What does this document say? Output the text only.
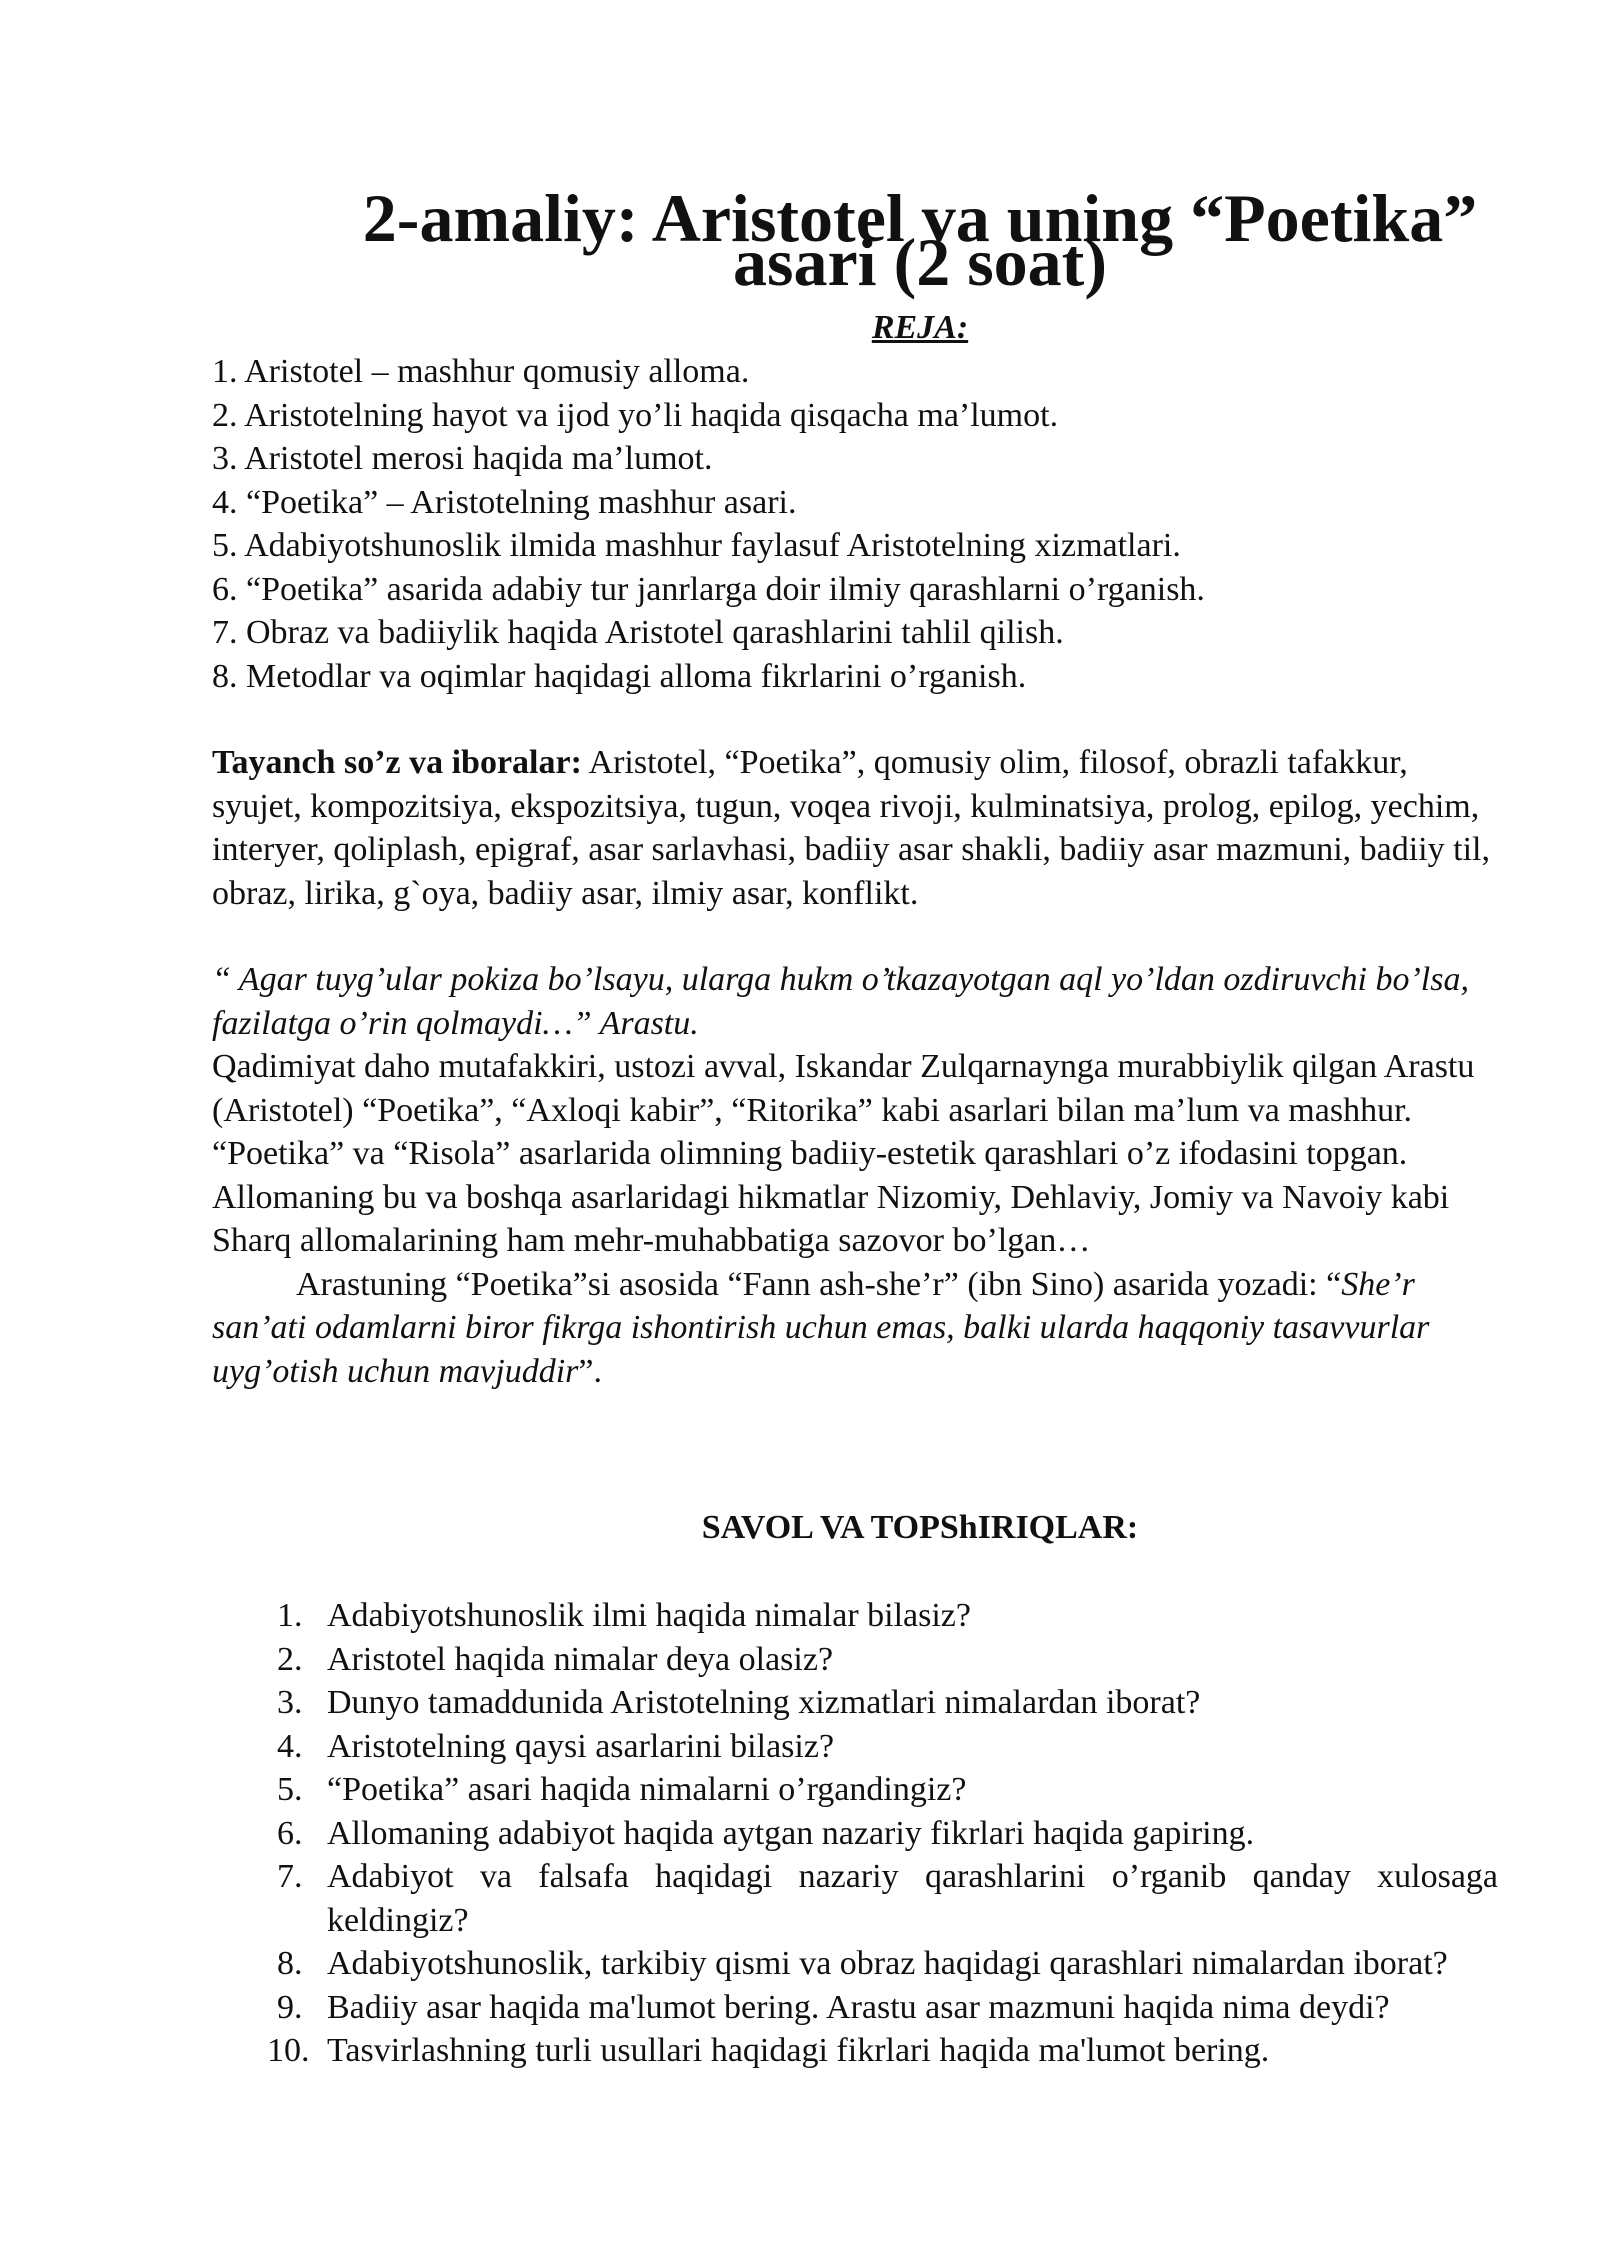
2-amaliy: Aristotel va uning “Poetika” asari (2 soat)
REJA:
1. Aristotel – mashhur qomusiy alloma.
2. Aristotelning hayot va ijod yo’li haqida qisqacha ma’lumot.
3. Aristotel merosi haqida ma’lumot.
4. “Poetika” – Aristotelning mashhur asari.
5. Adabiyotshunoslik ilmida mashhur faylasuf Aristotelning xizmatlari.
6. “Poetika” asarida adabiy tur janrlarga doir ilmiy qarashlarni o’rganish.
7. Obraz va badiiylik haqida Aristotel qarashlarini tahlil qilish.
8. Metodlar va oqimlar haqidagi alloma fikrlarini o’rganish.

Tayanch so’z va iboralar: Aristotel, “Poetika”, qomusiy olim, filosof, obrazli tafakkur, syujet, kompozitsiya, ekspozitsiya, tugun, voqea rivoji, kulminatsiya, prolog, epilog, yechim, interyer, qoliplash, epigraf, asar sarlavhasi, badiiy asar shakli, badiiy asar mazmuni, badiiy til, obraz, lirika, g`oya, badiiy asar, ilmiy asar, konflikt.

“ Agar tuyg’ular pokiza bo’lsayu, ularga hukm o’tkazayotgan aql yo’ldan ozdiruvchi bo’lsa, fazilatga o’rin qolmaydi…” Arastu.

Qadimiyat daho mutafakkiri, ustozi avval, Iskandar Zulqarnaynga murabbiylik qilgan Arastu (Aristotel) “Poetika”, “Axloqi kabir”, “Ritorika” kabi asarlari bilan ma’lum va mashhur. “Poetika” va “Risola” asarlarida olimning badiiy-estetik qarashlari o’z ifodasini topgan. Allomaning bu va boshqa asarlaridagi hikmatlar Nizomiy, Dehlaviy, Jomiy va Navoiy kabi Sharq allomalarining ham mehr-muhabbatiga sazovor bo’lgan…

Arastuning “Poetika”si asosida “Fann ash-she’r” (ibn Sino) asarida yozadi: “She’r san’ati odamlarni biror fikrga ishontirish uchun emas, balki ularda haqqoniy tasavvurlar uyg’otish uchun mavjuddir”.

SAVOL VA TOPShIRIQLAR:
1. Adabiyotshunoslik ilmi haqida nimalar bilasiz?
2. Aristotel haqida nimalar deya olasiz?
3. Dunyo tamaddunida Aristotelning xizmatlari nimalardan iborat?
4. Aristotelning qaysi asarlarini bilasiz?
5. “Poetika” asari haqida nimalarni o’rgandingiz?
6. Allomaning adabiyot haqida aytgan nazariy fikrlari haqida gapiring.
7. Adabiyot va falsafa haqidagi nazariy qarashlarini o’rganib qanday xulosaga keldingiz?
8. Adabiyotshunoslik, tarkibiy qismi va obraz haqidagi qarashlari nimalardan iborat?
9. Badiiy asar haqida ma'lumot bering. Arastu asar mazmuni haqida nima deydi?
10. Tasvirlashning turli usullari haqidagi fikrlari haqida ma'lumot bering.
